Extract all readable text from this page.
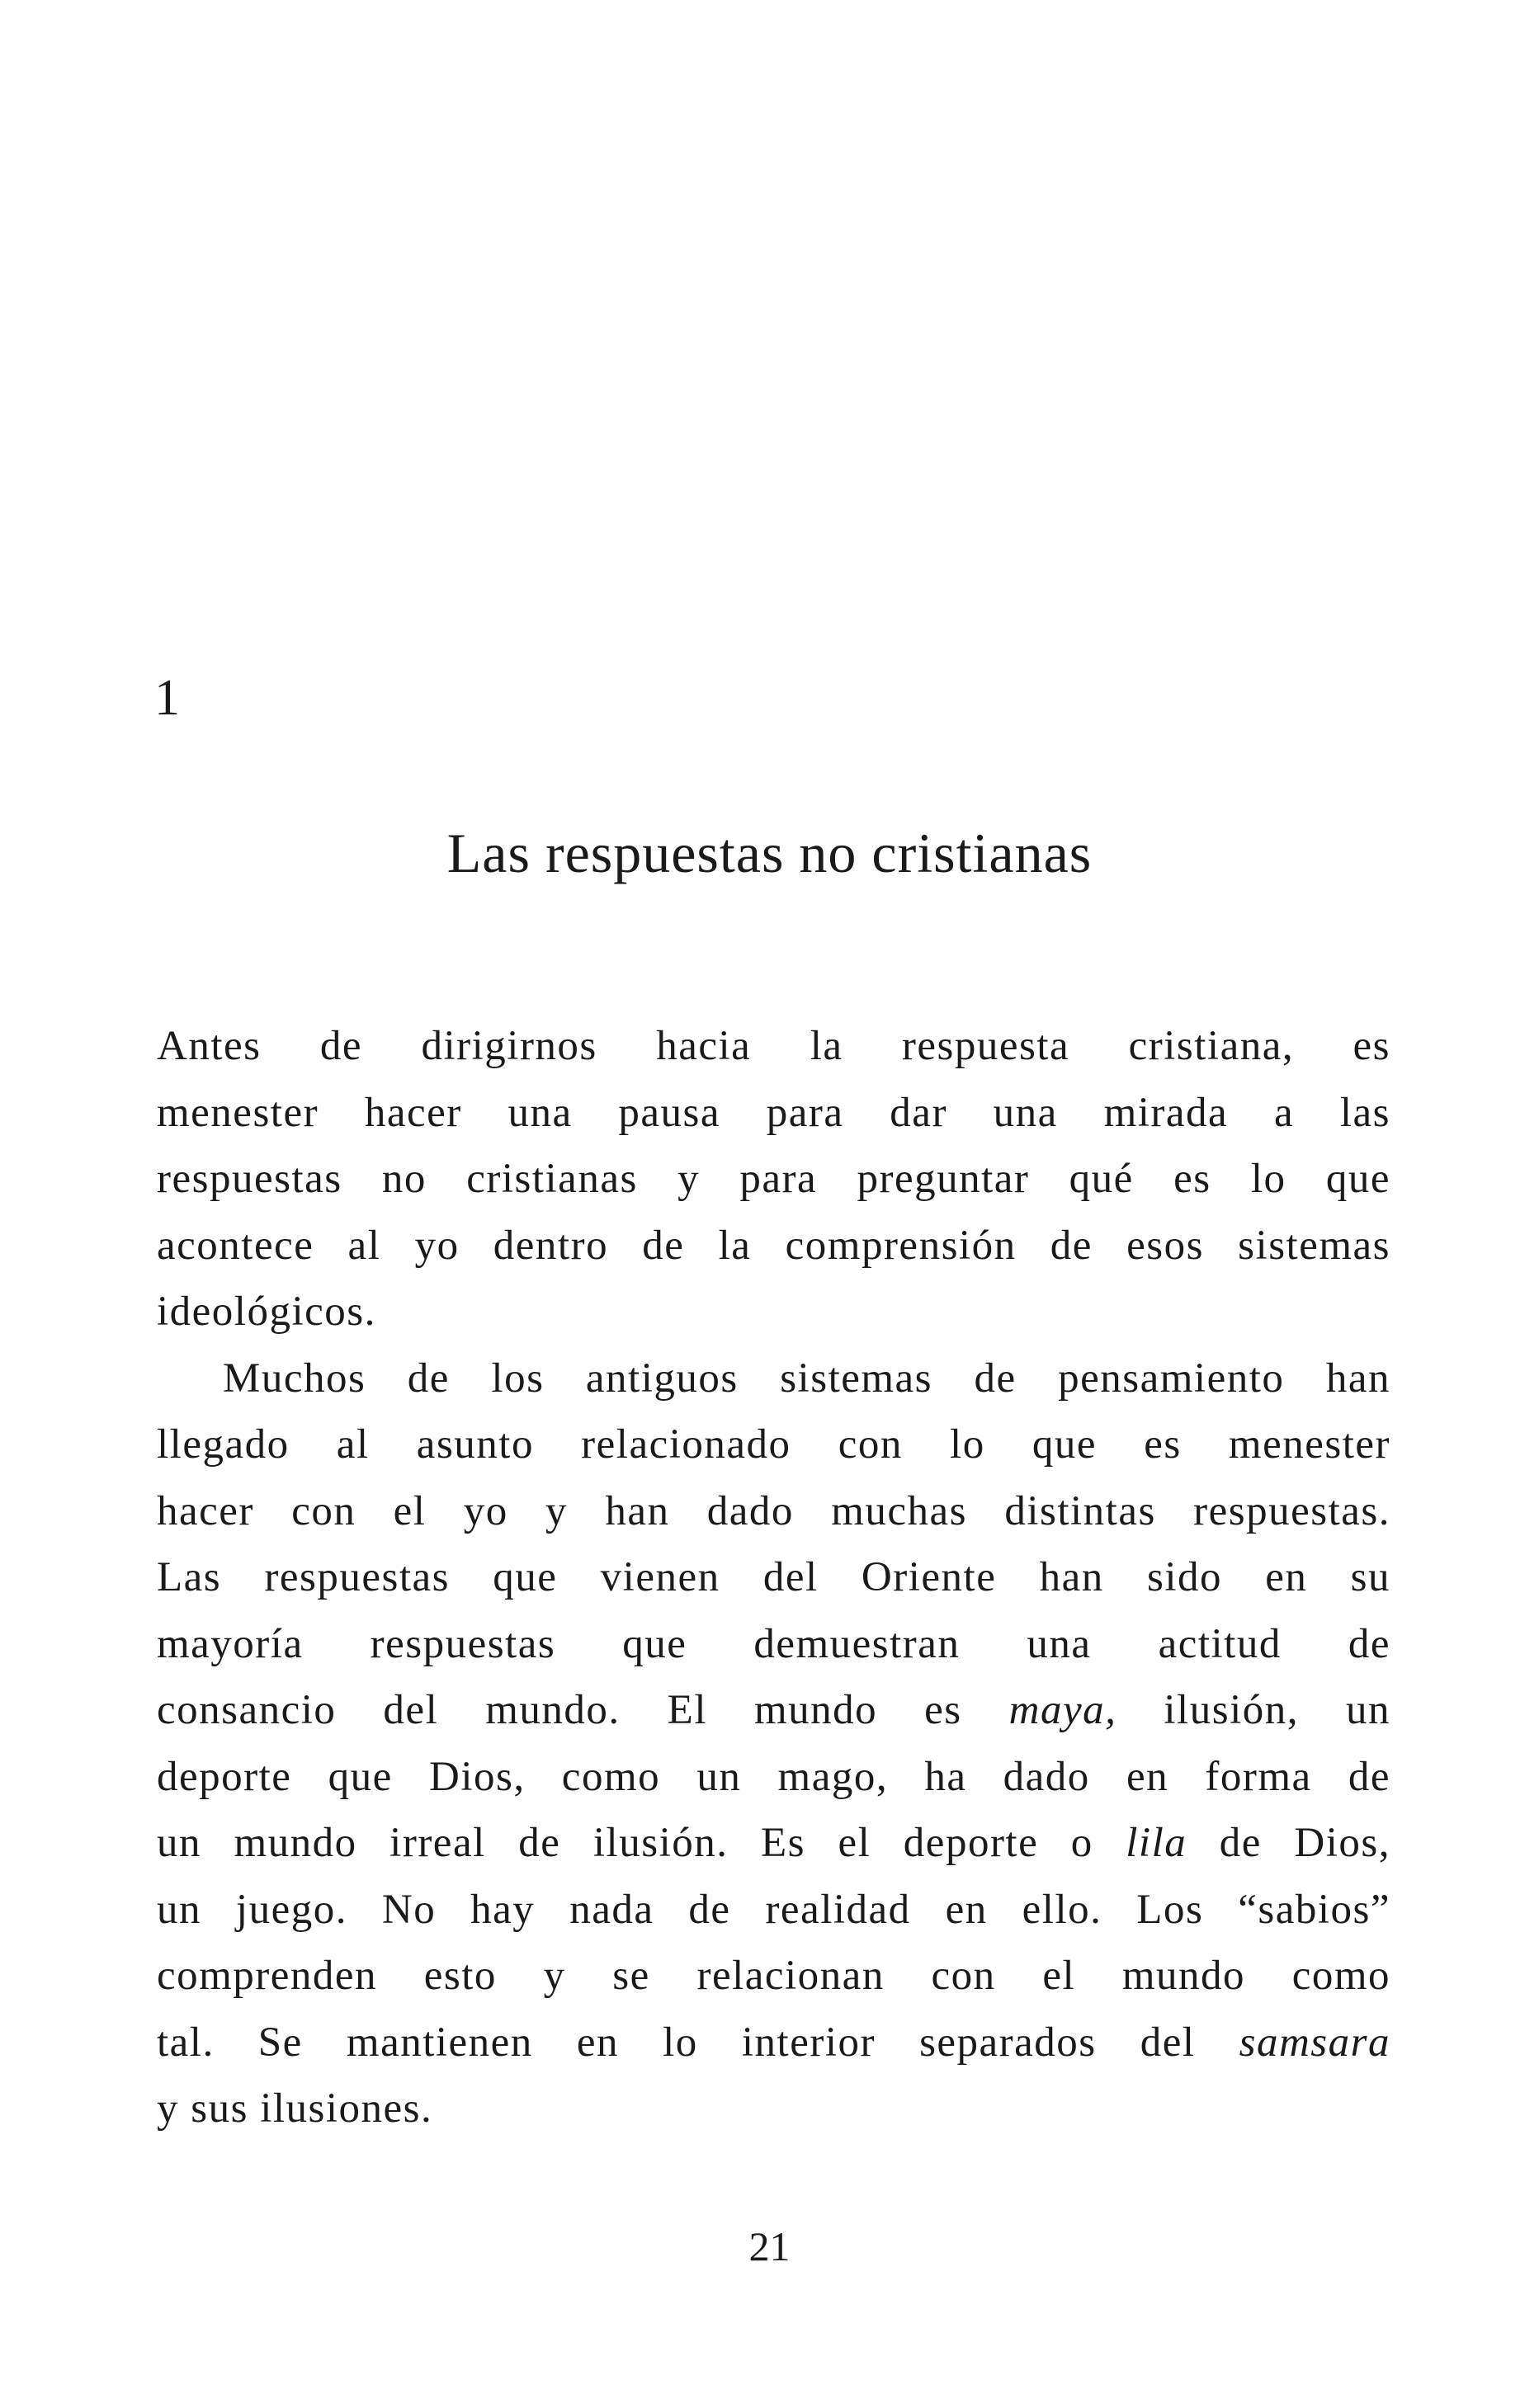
1
Las respuestas no cristianas
Antes de dirigirnos hacia la respuesta cristiana, es
menester hacer una pausa para dar una mirada a las
respuestas no cristianas y para preguntar qué es lo que
acontece al yo dentro de la comprensión de esos sistemas
ideológicos.
Muchos de los antiguos sistemas de pensamiento han
llegado al asunto relacionado con lo que es menester
hacer con el yo y han dado muchas distintas respuestas.
Las respuestas que vienen del Oriente han sido en su
mayoría respuestas que demuestran una actitud de
consancio del mundo. El mundo es maya, ilusión, un
deporte que Dios, como un mago, ha dado en forma de
un mundo irreal de ilusión. Es el deporte o lila de Dios,
un juego. No hay nada de realidad en ello. Los “sabios”
comprenden esto y se relacionan con el mundo como
tal. Se mantienen en lo interior separados del samsara
y sus ilusiones.
21
